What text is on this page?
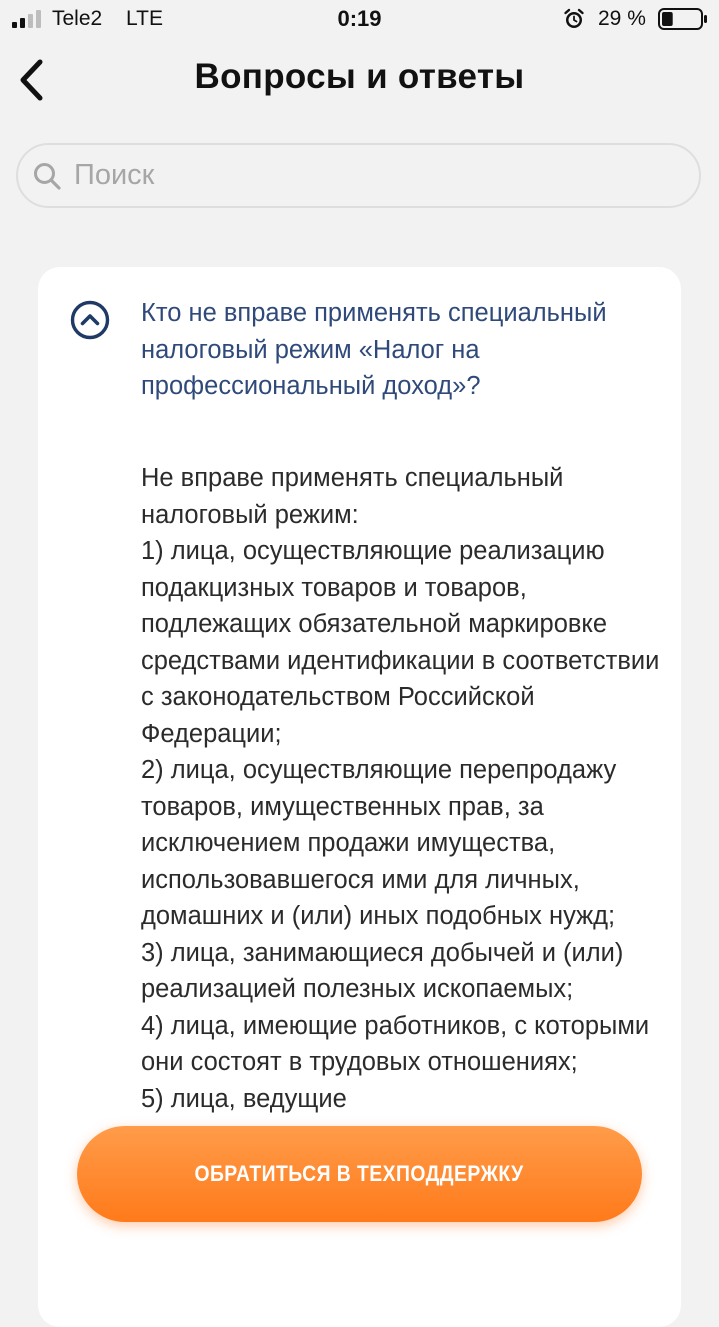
Tele2 LTE	0:19	29 %
Вопросы и ответы
Поиск
Кто не вправе применять специальный налоговый режим «Налог на профессиональный доход»?
Не вправе применять специальный налоговый режим:
1) лица, осуществляющие реализацию подакцизных товаров и товаров, подлежащих обязательной маркировке средствами идентификации в соответствии с законодательством Российской Федерации;
2) лица, осуществляющие перепродажу товаров, имущественных прав, за исключением продажи имущества, использовавшегося ими для личных, домашних и (или) иных подобных нужд;
3) лица, занимающиеся добычей и (или) реализацией полезных ископаемых;
4) лица, имеющие работников, с которыми они состоят в трудовых отношениях;
5) лица, ведущие
ОБРАТИТЬСЯ В ТЕХПОДДЕРЖКУ
